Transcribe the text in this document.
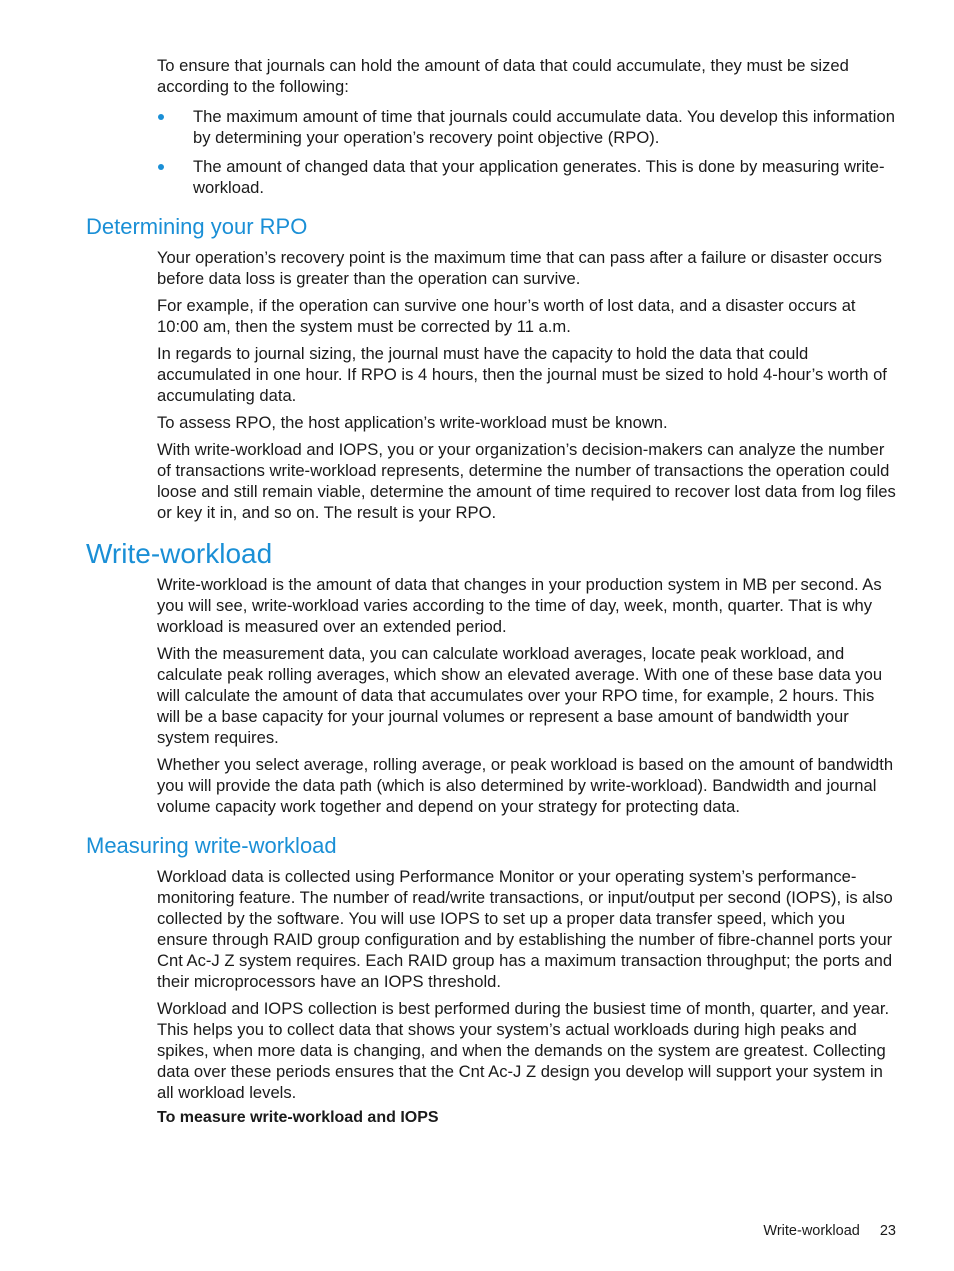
To ensure that journals can hold the amount of data that could accumulate, they must be sized according to the following:

The maximum amount of time that journals could accumulate data. You develop this information by determining your operation’s recovery point objective (RPO).
The amount of changed data that your application generates. This is done by measuring write-workload.
Determining your RPO

Your operation’s recovery point is the maximum time that can pass after a failure or disaster occurs before data loss is greater than the operation can survive.

For example, if the operation can survive one hour’s worth of lost data, and a disaster occurs at 10:00 am, then the system must be corrected by 11 a.m.

In regards to journal sizing, the journal must have the capacity to hold the data that could accumulated in one hour. If RPO is 4 hours, then the journal must be sized to hold 4-hour’s worth of accumulating data.

To assess RPO, the host application’s write-workload must be known.

With write-workload and IOPS, you or your organization’s decision-makers can analyze the number of transactions write-workload represents, determine the number of transactions the operation could loose and still remain viable, determine the amount of time required to recover lost data from log files or key it in, and so on. The result is your RPO.

Write-workload

Write-workload is the amount of data that changes in your production system in MB per second. As you will see, write-workload varies according to the time of day, week, month, quarter. That is why workload is measured over an extended period.

With the measurement data, you can calculate workload averages, locate peak workload, and calculate peak rolling averages, which show an elevated average. With one of these base data you will calculate the amount of data that accumulates over your RPO time, for example, 2 hours. This will be a base capacity for your journal volumes or represent a base amount of bandwidth your system requires.

Whether you select average, rolling average, or peak workload is based on the amount of bandwidth you will provide the data path (which is also determined by write-workload). Bandwidth and journal volume capacity work together and depend on your strategy for protecting data.

Measuring write-workload

Workload data is collected using Performance Monitor or your operating system’s performance-monitoring feature. The number of read/write transactions, or input/output per second (IOPS), is also collected by the software. You will use IOPS to set up a proper data transfer speed, which you ensure through RAID group configuration and by establishing the number of fibre-channel ports your Cnt Ac-J Z system requires. Each RAID group has a maximum transaction throughput; the ports and their microprocessors have an IOPS threshold.

Workload and IOPS collection is best performed during the busiest time of month, quarter, and year. This helps you to collect data that shows your system’s actual workloads during high peaks and spikes, when more data is changing, and when the demands on the system are greatest. Collecting data over these periods ensures that the Cnt Ac-J Z design you develop will support your system in all workload levels.

To measure write-workload and IOPS
Write-workload 23
